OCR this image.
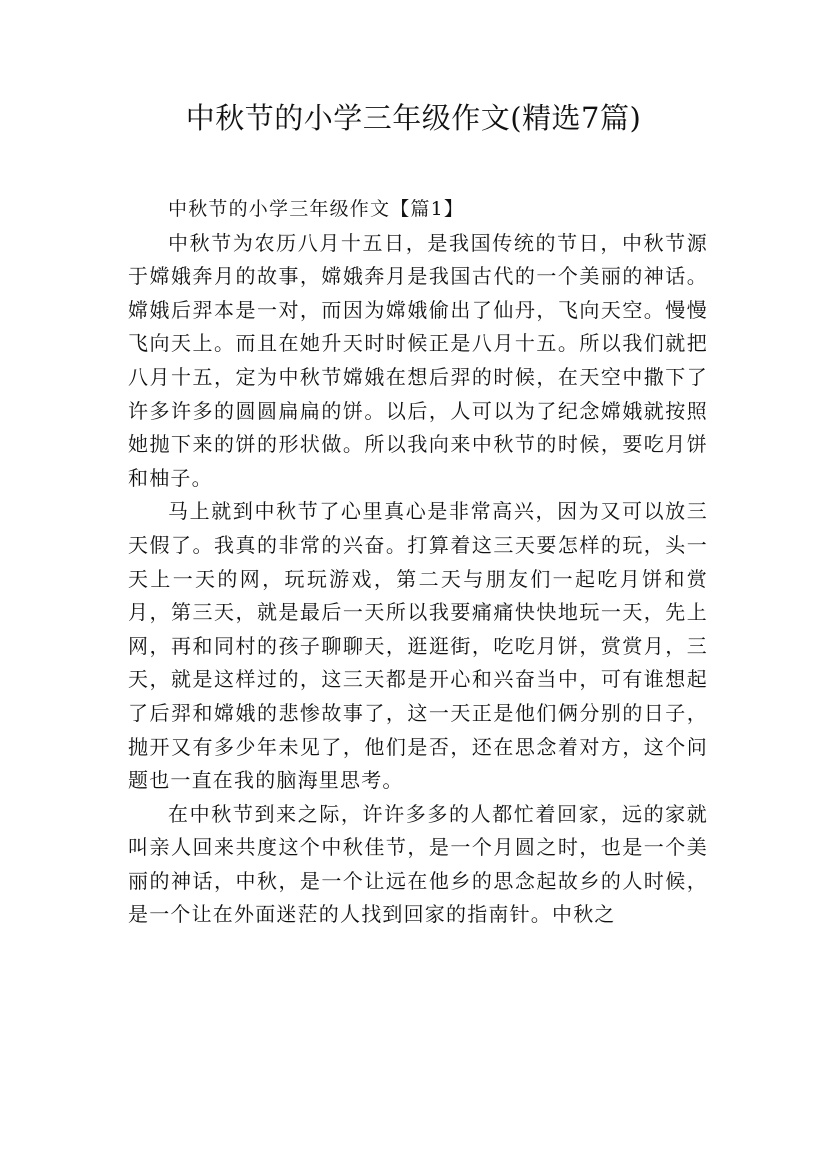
中秋节的小学三年级作文(精选7篇)

中秋节的小学三年级作文【篇1】

中秋节为农历八月十五日，是我国传统的节日，中秋节源于嫦娥奔月的故事，嫦娥奔月是我国古代的一个美丽的神话。嫦娥后羿本是一对，而因为嫦娥偷出了仙丹，飞向天空。慢慢飞向天上。而且在她升天时时候正是八月十五。所以我们就把八月十五，定为中秋节嫦娥在想后羿的时候，在天空中撒下了许多许多的圆圆扁扁的饼。以后，人可以为了纪念嫦娥就按照她抛下来的饼的形状做。所以我向来中秋节的时候，要吃月饼和柚子。

马上就到中秋节了心里真心是非常高兴，因为又可以放三天假了。我真的非常的兴奋。打算着这三天要怎样的玩，头一天上一天的网，玩玩游戏，第二天与朋友们一起吃月饼和赏月，第三天，就是最后一天所以我要痛痛快快地玩一天，先上网，再和同村的孩子聊聊天，逛逛街，吃吃月饼，赏赏月，三天，就是这样过的，这三天都是开心和兴奋当中，可有谁想起了后羿和嫦娥的悲惨故事了，这一天正是他们俩分别的日子，抛开又有多少年未见了，他们是否，还在思念着对方，这个问题也一直在我的脑海里思考。

在中秋节到来之际，许许多多的人都忙着回家，远的家就叫亲人回来共度这个中秋佳节，是一个月圆之时，也是一个美丽的神话，中秋，是一个让远在他乡的思念起故乡的人时候，是一个让在外面迷茫的人找到回家的指南针。中秋之
